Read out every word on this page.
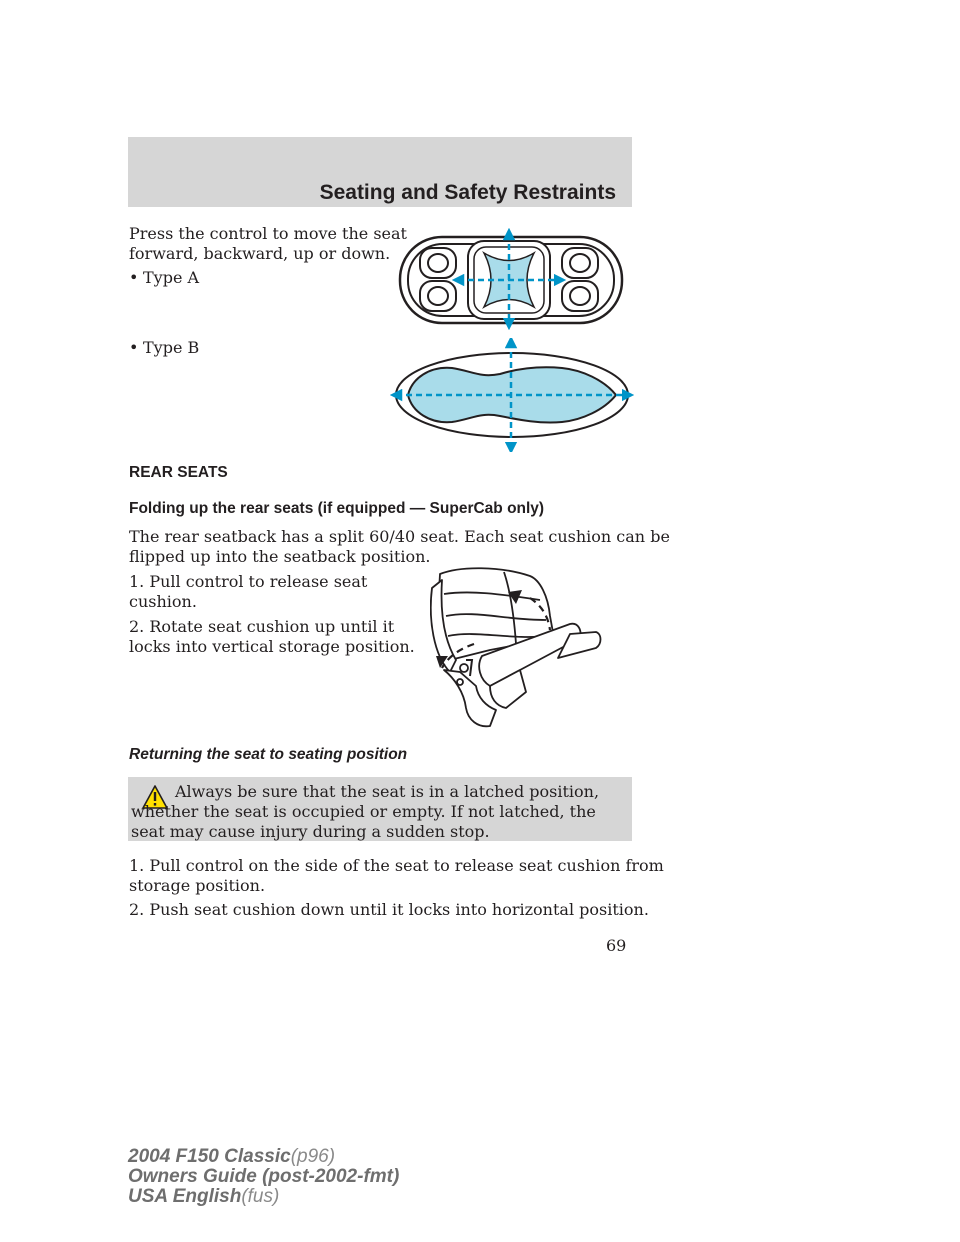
Seating and Safety Restraints
Press the control to move the seat
forward, backward, up or down.
• Type A
• Type B
REAR SEATS
Folding up the rear seats (if equipped — SuperCab only)
The rear seatback has a split 60/40 seat. Each seat cushion can be
flipped up into the seatback position.
1. Pull control to release seat
cushion.
2. Rotate seat cushion up until it
locks into vertical storage position.
Returning the seat to seating position
Always be sure that the seat is in a latched position, whether the seat is occupied or empty. If not latched, the seat may cause injury during a sudden stop.
1. Pull control on the side of the seat to release seat cushion from
storage position.
2. Push seat cushion down until it locks into horizontal position.
69
2004 F150 Classic(p96)
Owners Guide (post-2002-fmt)
USA English(fus)
